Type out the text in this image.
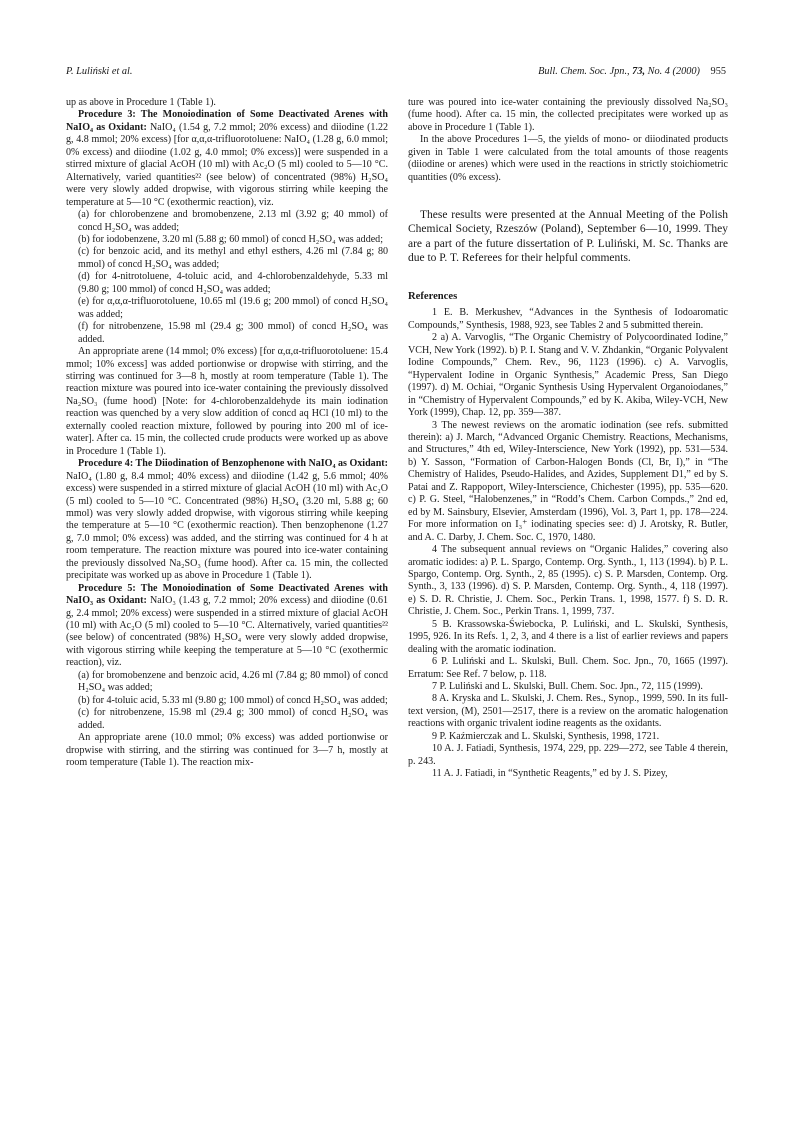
P. Luliński et al.	Bull. Chem. Soc. Jpn., 73, No. 4 (2000) 955

up as above in Procedure 1 (Table 1).

Procedure 3: The Monoiodination of Some Deactivated Arenes with NaIO₄ as Oxidant: NaIO₄ (1.54 g, 7.2 mmol; 20% excess) and diiodine (1.22 g, 4.8 mmol; 20% excess) [for α,α,α-trifluorotoluene: NaIO₄ (1.28 g, 6.0 mmol; 0% excess) and diiodine (1.02 g, 4.0 mmol; 0% excess)] were suspended in a stirred mixture of glacial AcOH (10 ml) with Ac₂O (5 ml) cooled to 5—10 °C. Alternatively, varied quantities²² (see below) of concentrated (98%) H₂SO₄ were very slowly added dropwise, with vigorous stirring while keeping the temperature at 5—10 °C (exothermic reaction), viz.

(a) for chlorobenzene and bromobenzene, 2.13 ml (3.92 g; 40 mmol) of concd H₂SO₄ was added;

(b) for iodobenzene, 3.20 ml (5.88 g; 60 mmol) of concd H₂SO₄ was added;

(c) for benzoic acid, and its methyl and ethyl esthers, 4.26 ml (7.84 g; 80 mmol) of concd H₂SO₄ was added;

(d) for 4-nitrotoluene, 4-toluic acid, and 4-chlorobenzaldehyde, 5.33 ml (9.80 g; 100 mmol) of concd H₂SO₄ was added;

(e) for α,α,α-trifluorotoluene, 10.65 ml (19.6 g; 200 mmol) of concd H₂SO₄ was added;

(f) for nitrobenzene, 15.98 ml (29.4 g; 300 mmol) of concd H₂SO₄ was added.

An appropriate arene (14 mmol; 0% excess) [for α,α,α-trifluorotoluene: 15.4 mmol; 10% excess] was added portionwise or dropwise with stirring, and the stirring was continued for 3—8 h, mostly at room temperature (Table 1). The reaction mixture was poured into ice-water containing the previously dissolved Na₂SO₃ (fume hood) [Note: for 4-chlorobenzaldehyde its main iodination reaction was quenched by a very slow addition of concd aq HCl (10 ml) to the externally cooled reaction mixture, followed by pouring into 200 ml of ice-water]. After ca. 15 min, the collected crude products were worked up as above in Procedure 1 (Table 1).

Procedure 4: The Diiodination of Benzophenone with NaIO₄ as Oxidant: NaIO₄ (1.80 g, 8.4 mmol; 40% excess) and diiodine (1.42 g, 5.6 mmol; 40% excess) were suspended in a stirred mixture of glacial AcOH (10 ml) with Ac₂O (5 ml) cooled to 5—10 °C. Concentrated (98%) H₂SO₄ (3.20 ml, 5.88 g; 60 mmol) was very slowly added dropwise, with vigorous stirring while keeping the temperature at 5—10 °C (exothermic reaction). Then benzophenone (1.27 g, 7.0 mmol; 0% excess) was added, and the stirring was continued for 4 h at room temperature. The reaction mixture was poured into ice-water containing the previously dissolved Na₂SO₃ (fume hood). After ca. 15 min, the collected precipitate was worked up as above in Procedure 1 (Table 1).

Procedure 5: The Monoiodination of Some Deactivated Arenes with NaIO₃ as Oxidant: NaIO₃ (1.43 g, 7.2 mmol; 20% excess) and diiodine (0.61 g, 2.4 mmol; 20% excess) were suspended in a stirred mixture of glacial AcOH (10 ml) with Ac₂O (5 ml) cooled to 5—10 °C. Alternatively, varied quantities²² (see below) of concentrated (98%) H₂SO₄ were very slowly added dropwise, with vigorous stirring while keeping the temperature at 5—10 °C (exothermic reaction), viz.

(a) for bromobenzene and benzoic acid, 4.26 ml (7.84 g; 80 mmol) of concd H₂SO₄ was added;

(b) for 4-toluic acid, 5.33 ml (9.80 g; 100 mmol) of concd H₂SO₄ was added;

(c) for nitrobenzene, 15.98 ml (29.4 g; 300 mmol) of concd H₂SO₄ was added.

An appropriate arene (10.0 mmol; 0% excess) was added portionwise or dropwise with stirring, and the stirring was continued for 3—7 h, mostly at room temperature (Table 1). The reaction mix-

ture was poured into ice-water containing the previously dissolved Na₂SO₃ (fume hood). After ca. 15 min, the collected precipitates were worked up as above in Procedure 1 (Table 1).

In the above Procedures 1—5, the yields of mono- or diiodinated products given in Table 1 were calculated from the total amounts of those reagents (diiodine or arenes) which were used in the reactions in strictly stoichiometric quantities (0% excess).

These results were presented at the Annual Meeting of the Polish Chemical Society, Rzeszów (Poland), September 6—10, 1999. They are a part of the future dissertation of P. Luliński, M. Sc. Thanks are due to P. T. Referees for their helpful comments.

References

1 E. B. Merkushev, “Advances in the Synthesis of Iodoaromatic Compounds,” Synthesis, 1988, 923, see Tables 2 and 5 submitted therein.

2 a) A. Varvoglis, “The Organic Chemistry of Polycoordinated Iodine,” VCH, New York (1992). b) P. I. Stang and V. V. Zhdankin, “Organic Polyvalent Iodine Compounds,” Chem. Rev., 96, 1123 (1996). c) A. Varvoglis, “Hypervalent Iodine in Organic Synthesis,” Academic Press, San Diego (1997). d) M. Ochiai, “Organic Synthesis Using Hypervalent Organoiodanes,” in “Chemistry of Hypervalent Compounds,” ed by K. Akiba, Wiley-VCH, New York (1999), Chap. 12, pp. 359—387.

3 The newest reviews on the aromatic iodination (see refs. submitted therein): a) J. March, “Advanced Organic Chemistry. Reactions, Mechanisms, and Structures,” 4th ed, Wiley-Interscience, New York (1992), pp. 531—534. b) Y. Sasson, “Formation of Carbon-Halogen Bonds (Cl, Br, I),” in “The Chemistry of Halides, Pseudo-Halides, and Azides, Supplement D1,” ed by S. Patai and Z. Rappoport, Wiley-Interscience, Chichester (1995), pp. 535—620. c) P. G. Steel, “Halobenzenes,” in “Rodd’s Chem. Carbon Compds.,” 2nd ed, ed by M. Sainsbury, Elsevier, Amsterdam (1996), Vol. 3, Part 1, pp. 178—224. For more information on I₃⁺ iodinating species see: d) J. Arotsky, R. Butler, and A. C. Darby, J. Chem. Soc. C, 1970, 1480.

4 The subsequent annual reviews on “Organic Halides,” covering also aromatic iodides: a) P. L. Spargo, Contemp. Org. Synth., 1, 113 (1994). b) P. L. Spargo, Contemp. Org. Synth., 2, 85 (1995). c) S. P. Marsden, Contemp. Org. Synth., 3, 133 (1996). d) S. P. Marsden, Contemp. Org. Synth., 4, 118 (1997). e) S. D. R. Christie, J. Chem. Soc., Perkin Trans. 1, 1998, 1577. f) S. D. R. Christie, J. Chem. Soc., Perkin Trans. 1, 1999, 737.

5 B. Krassowska-Świebocka, P. Luliński, and L. Skulski, Synthesis, 1995, 926. In its Refs. 1, 2, 3, and 4 there is a list of earlier reviews and papers dealing with the aromatic iodination.

6 P. Luliński and L. Skulski, Bull. Chem. Soc. Jpn., 70, 1665 (1997). Erratum: See Ref. 7 below, p. 118.

7 P. Luliński and L. Skulski, Bull. Chem. Soc. Jpn., 72, 115 (1999).

8 A. Kryska and L. Skulski, J. Chem. Res., Synop., 1999, 590. In its full-text version, (M), 2501—2517, there is a review on the aromatic halogenation reactions with organic trivalent iodine reagents as the oxidants.

9 P. Kaźmierczak and L. Skulski, Synthesis, 1998, 1721.

10 A. J. Fatiadi, Synthesis, 1974, 229, pp. 229—272, see Table 4 therein, p. 243.

11 A. J. Fatiadi, in “Synthetic Reagents,” ed by J. S. Pizey,
